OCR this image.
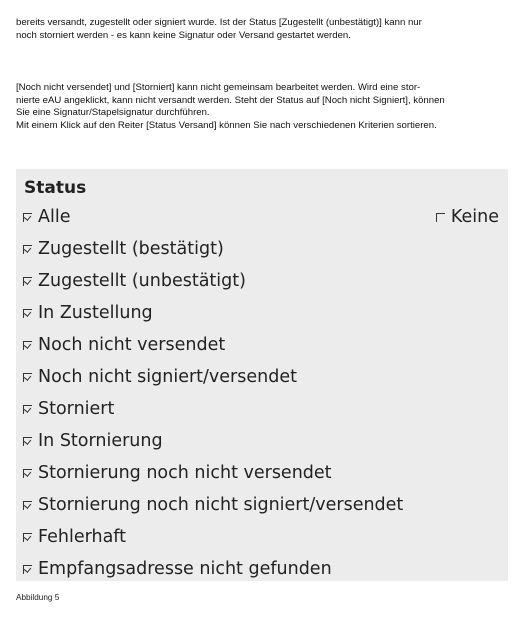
bereits versandt, zugestellt oder signiert wurde. Ist der Status [Zugestellt (unbestätigt)] kann nur
noch storniert werden - es kann keine Signatur oder Versand gestartet werden.
[Noch nicht versendet] und [Storniert] kann nicht gemeinsam bearbeitet werden. Wird eine stor-
nierte eAU angeklickt, kann nicht versandt werden. Steht der Status auf [Noch nicht Signiert], können
Sie eine Signatur/Stapelsignatur durchführen.
Mit einem Klick auf den Reiter [Status Versand] können Sie nach verschiedenen Kriterien sortieren.
Status
Alle	Keine
Zugestellt (bestätigt)
Zugestellt (unbestätigt)
In Zustellung
Noch nicht versendet
Noch nicht signiert/versendet
Storniert
In Stornierung
Stornierung noch nicht versendet
Stornierung noch nicht signiert/versendet
Fehlerhaft
Empfangsadresse nicht gefunden
Abbildung 5
